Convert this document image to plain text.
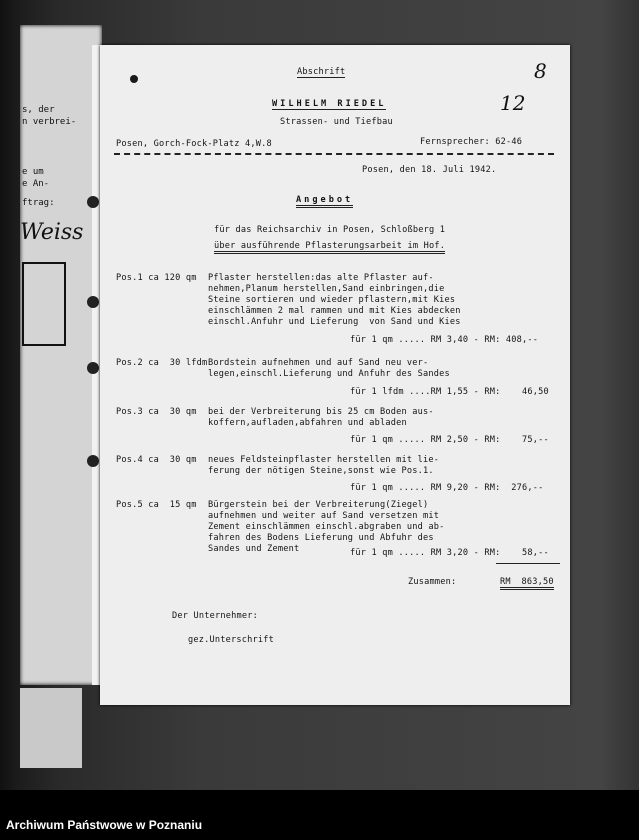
s, der
n verbrei-
e um
e An-
ftrag:
Weiss
Abschrift	8
WILHELM RIEDEL	12
Strassen- und Tiefbau
Posen, Gorch-Fock-Platz 4,W.8	Fernsprecher: 62-46
Posen, den 18. Juli 1942.
Angebot
für das Reichsarchiv in Posen, Schloßberg 1
über ausführende Pflasterungsarbeit im Hof.
Pos.1 ca 120 qm Pflaster herstellen:das alte Pflaster auf-
nehmen,Planum herstellen,Sand einbringen,die
Steine sortieren und wieder pflastern,mit Kies
einschlämmen 2 mal rammen und mit Kies abdecken
einschl.Anfuhr und Lieferung  von Sand und Kies
für 1 qm ..... RM 3,40 - RM: 408,--
Pos.2 ca  30 lfdm Bordstein aufnehmen und auf Sand neu ver-
legen,einschl.Lieferung und Anfuhr des Sandes
für 1 lfdm ....RM 1,55 - RM:    46,50
Pos.3 ca  30 qm bei der Verbreiterung bis 25 cm Boden aus-
koffern,aufladen,abfahren und abladen
für 1 qm ..... RM 2,50 - RM:    75,--
Pos.4 ca  30 qm neues Feldsteinpflaster herstellen mit lie-
ferung der nötigen Steine,sonst wie Pos.1.
für 1 qm ..... RM 9,20 - RM:  276,--
Pos.5 ca  15 qm Bürgerstein bei der Verbreiterung(Ziegel)
aufnehmen und weiter auf Sand versetzen mit
Zement einschlämmen einschl.abgraben und ab-
fahren des Bodens Lieferung und Abfuhr des
Sandes und Zement	für 1 qm ..... RM 3,20 - RM:    58,--
Zusammen:	RM  863,50
Der Unternehmer:
gez.Unterschrift
Archiwum Państwowe w Poznaniu
